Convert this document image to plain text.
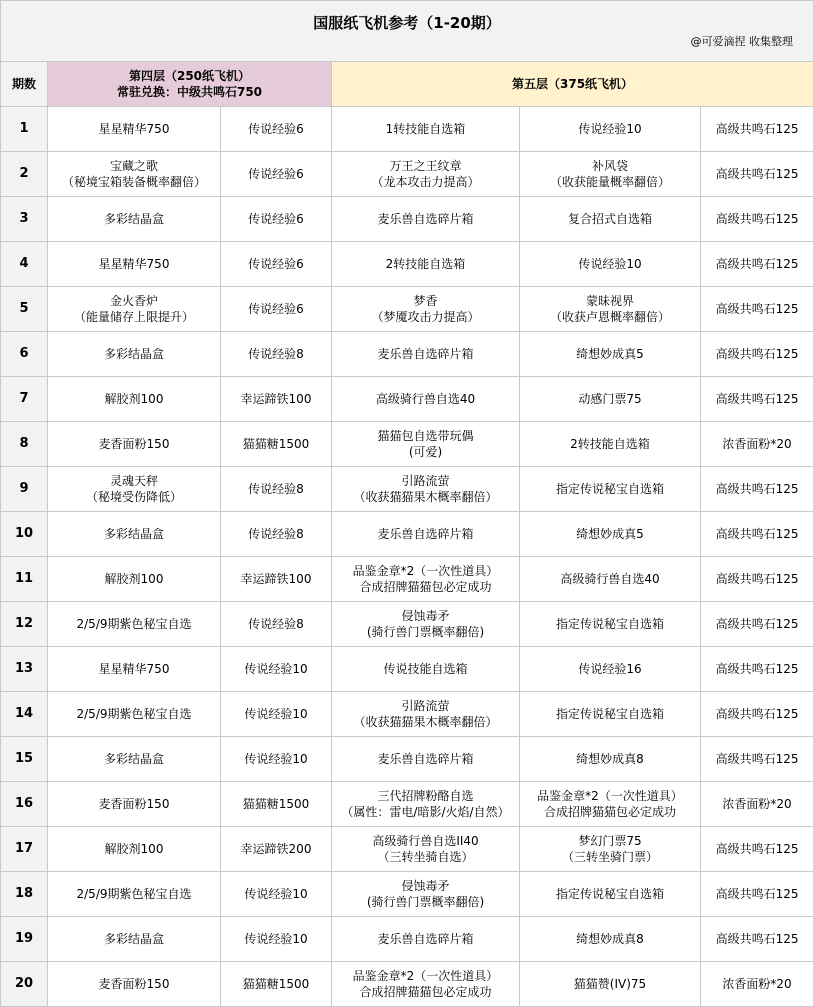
国服纸飞机参考（1-20期）
@可爱滴捏 收集整理					

期数	第四层（250纸飞机）
常驻兑换：中级共鸣石750		第五层（375纸飞机）		
1	星星精华750	传说经验6	1转技能自选箱	传说经验10	高级共鸣石125

2	宝藏之歌
（秘境宝箱装备概率翻倍）	传说经验6	万王之王纹章
（龙本攻击力提高）	补风袋
（收获能量概率翻倍）	高级共鸣石125

3	多彩结晶盒	传说经验6	麦乐兽自选碎片箱	复合招式自选箱	高级共鸣石125

4	星星精华750	传说经验6	2转技能自选箱	传说经验10	高级共鸣石125

5	金火香炉
（能量储存上限提升）	传说经验6	梦香
（梦魇攻击力提高）	蒙昧视界
（收获卢恩概率翻倍）	高级共鸣石125

6	多彩结晶盒	传说经验8	麦乐兽自选碎片箱	绮想妙成真5	高级共鸣石125

7	解胶剂100	幸运蹄铁100	高级骑行兽自选40	动感门票75	高级共鸣石125

8	麦香面粉150	猫猫糖1500	猫猫包自选带玩偶
(可爱)	2转技能自选箱	浓香面粉*20

9	灵魂天秤
（秘境受伤降低）	传说经验8	引路流萤
（收获猫猫果木概率翻倍）	指定传说秘宝自选箱	高级共鸣石125

10	多彩结晶盒	传说经验8	麦乐兽自选碎片箱	绮想妙成真5	高级共鸣石125

11	解胶剂100	幸运蹄铁100	品鉴金章*2（一次性道具）
合成招牌猫猫包必定成功	高级骑行兽自选40	高级共鸣石125

12	2/5/9期紫色秘宝自选	传说经验8	侵蚀毒矛
(骑行兽门票概率翻倍)	指定传说秘宝自选箱	高级共鸣石125

13	星星精华750	传说经验10	传说技能自选箱	传说经验16	高级共鸣石125

14	2/5/9期紫色秘宝自选	传说经验10	引路流萤
（收获猫猫果木概率翻倍）	指定传说秘宝自选箱	高级共鸣石125

15	多彩结晶盒	传说经验10	麦乐兽自选碎片箱	绮想妙成真8	高级共鸣石125

16	麦香面粉150	猫猫糖1500	三代招牌粉酪自选
（属性：雷电/暗影/火焰/自然）	品鉴金章*2（一次性道具）
合成招牌猫猫包必定成功	浓香面粉*20

17	解胶剂100	幸运蹄铁200	高级骑行兽自选ⅠⅠ40
（三转坐骑自选）	梦幻门票75
（三转坐骑门票）	高级共鸣石125

18	2/5/9期紫色秘宝自选	传说经验10	侵蚀毒矛
(骑行兽门票概率翻倍)	指定传说秘宝自选箱	高级共鸣石125

19	多彩结晶盒	传说经验10	麦乐兽自选碎片箱	绮想妙成真8	高级共鸣石125

20	麦香面粉150	猫猫糖1500	品鉴金章*2（一次性道具）
合成招牌猫猫包必定成功	猫猫赞(IV)75	浓香面粉*20
